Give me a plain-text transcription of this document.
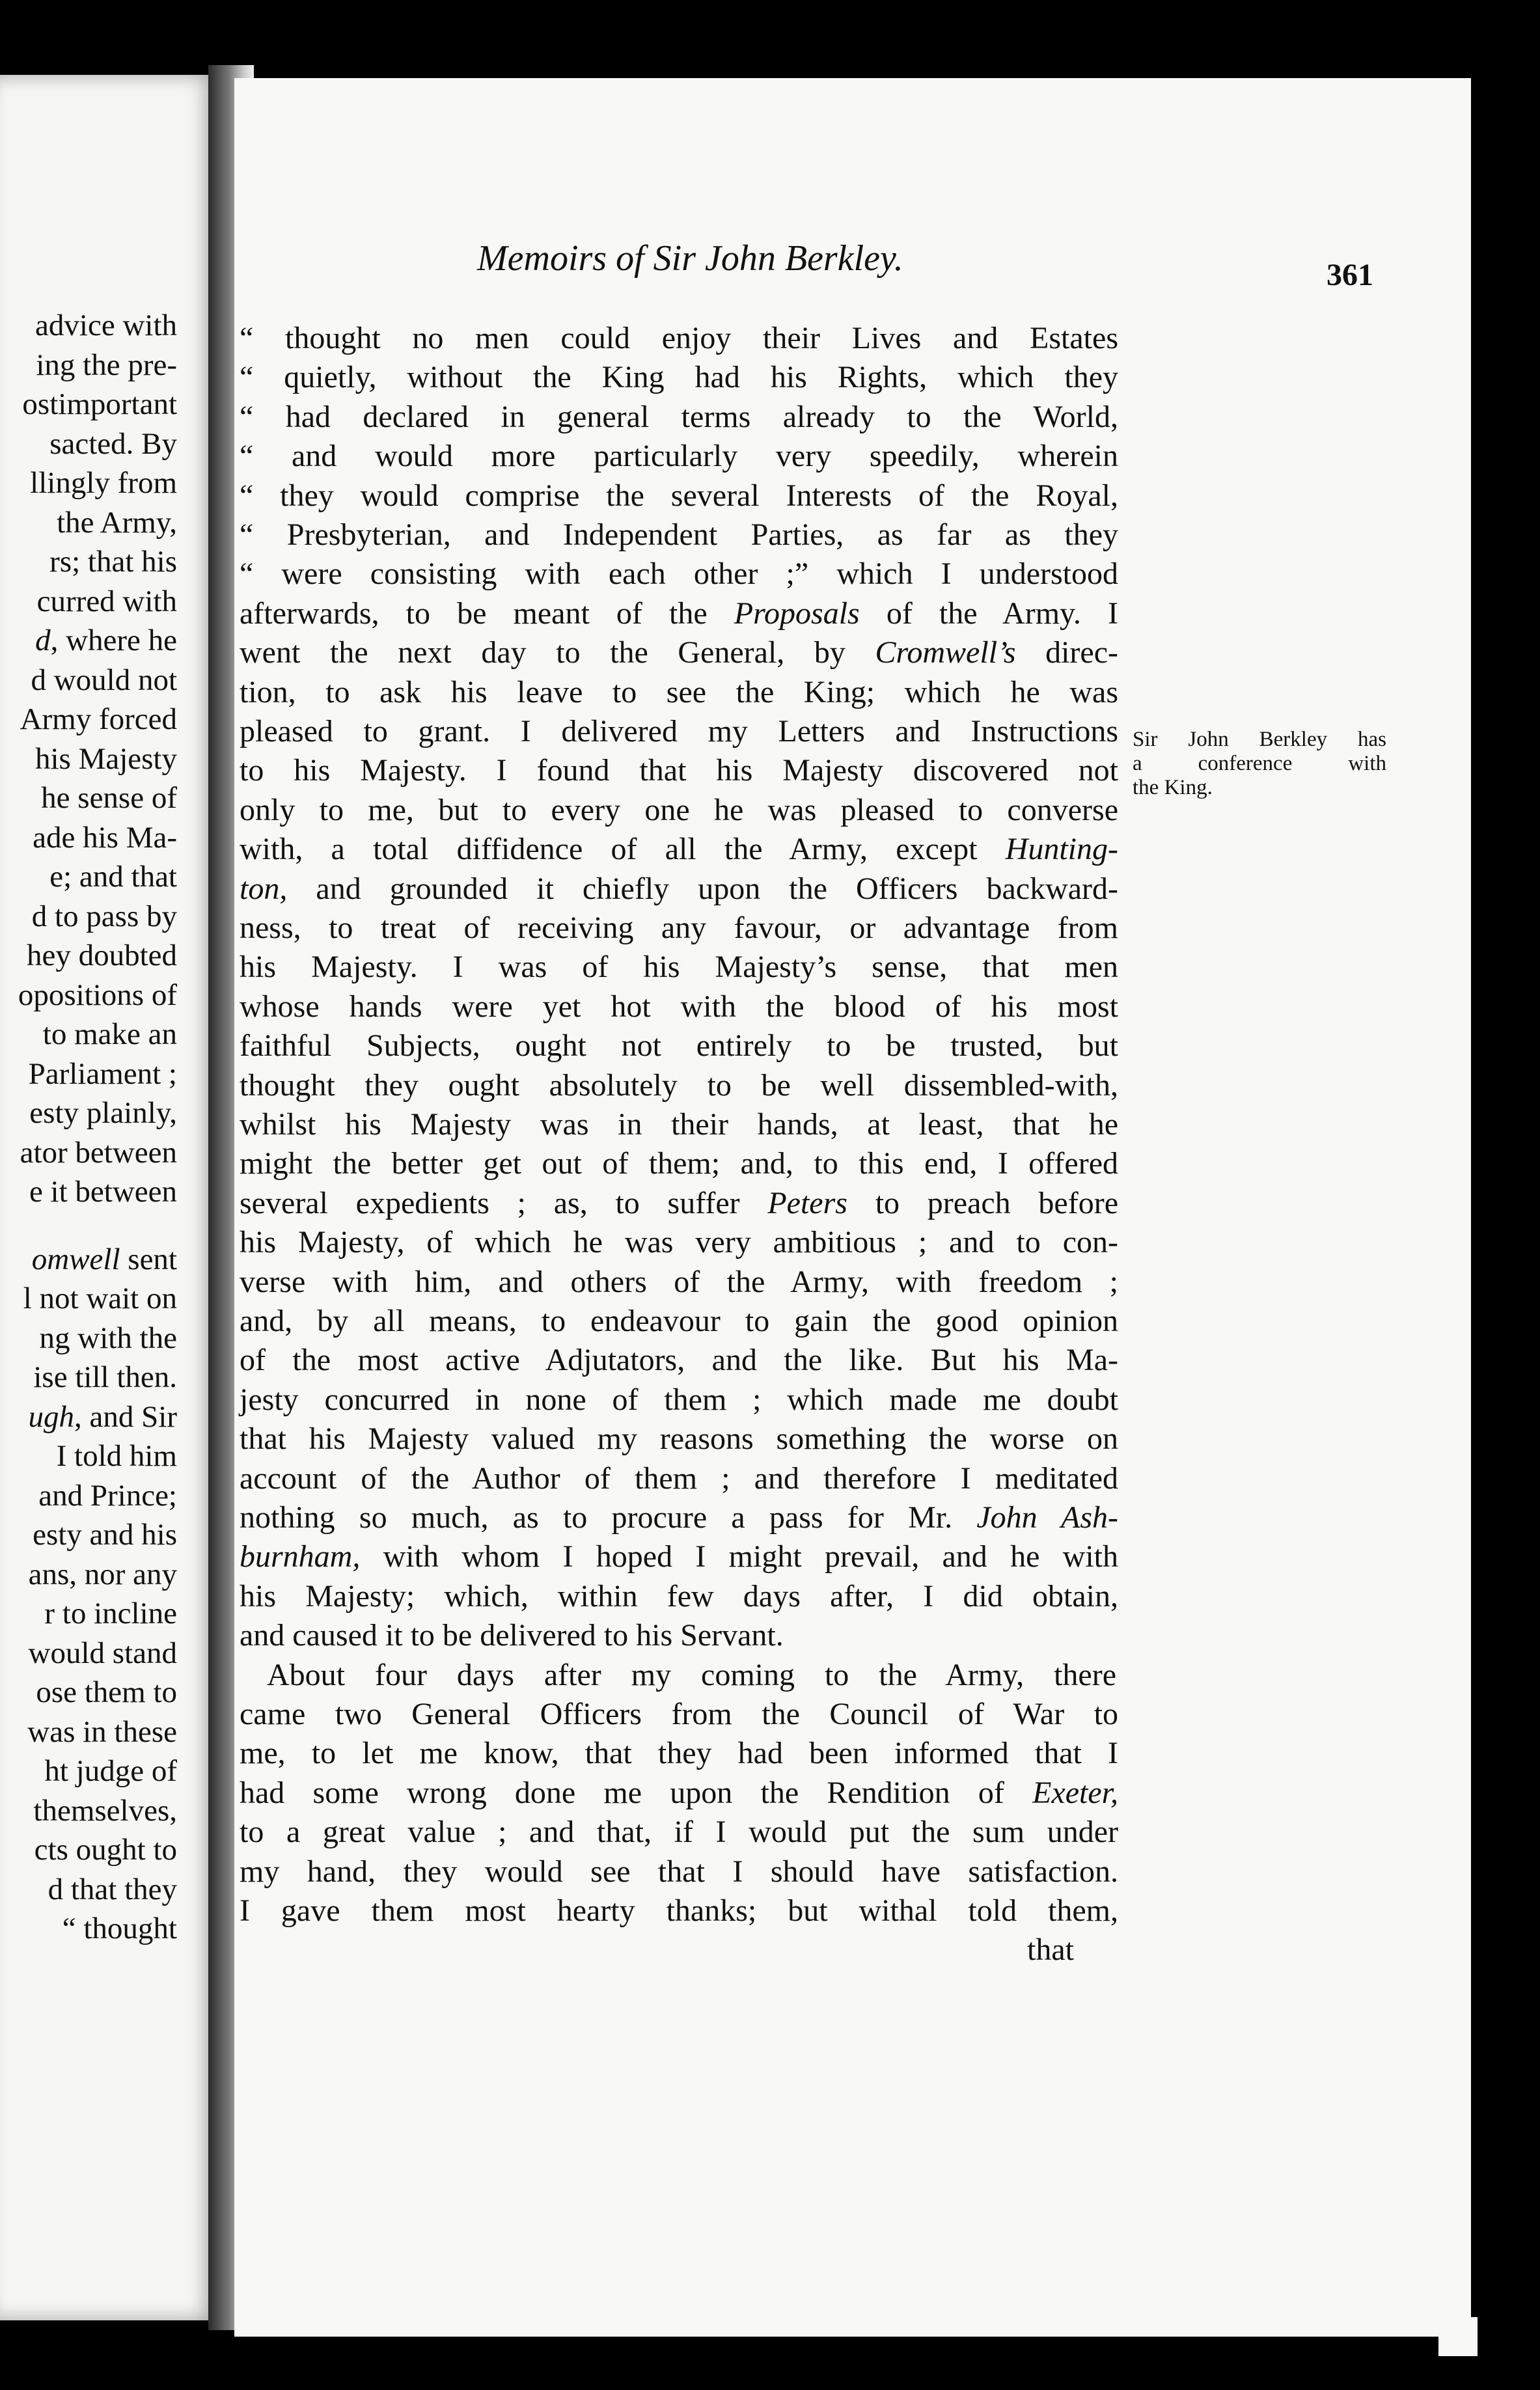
advice with
ing the pre-
ostimportant
sacted. By
llingly from
the Army,
rs; that his
curred with
d, where he
d would not
Army forced
his Majesty
he sense of
ade his Ma-
e; and that
d to pass by
hey doubted
opositions of
to make an
Parliament ;
esty plainly,
ator between
e it between
omwell sent
l not wait on
ng with the
ise till then.
ugh, and Sir
I told him
and Prince;
esty and his
ans, nor any
r to incline
would stand
ose them to
was in these
ht judge of
themselves,
cts ought to
d that they
“ thought
Memoirs of Sir John Berkley.	361
“ thought no men could enjoy their Lives and Estates
“ quietly, without the King had his Rights, which they
“ had declared in general terms already to the World,
“ and would more particularly very speedily, wherein
“ they would comprise the several Interests of the Royal,
“ Presbyterian, and Independent Parties, as far as they
“ were consisting with each other ;” which I understood
afterwards, to be meant of the Proposals of the Army. I
went the next day to the General, by Cromwell’s direc-
tion, to ask his leave to see the King; which he was
pleased to grant. I delivered my Letters and Instructions
to his Majesty. I found that his Majesty discovered not
only to me, but to every one he was pleased to converse
with, a total diffidence of all the Army, except Hunting-
ton, and grounded it chiefly upon the Officers backward-
ness, to treat of receiving any favour, or advantage from
his Majesty. I was of his Majesty’s sense, that men
whose hands were yet hot with the blood of his most
faithful Subjects, ought not entirely to be trusted, but
thought they ought absolutely to be well dissembled-with,
whilst his Majesty was in their hands, at least, that he
might the better get out of them; and, to this end, I offered
several expedients ; as, to suffer Peters to preach before
his Majesty, of which he was very ambitious ; and to con-
verse with him, and others of the Army, with freedom ;
and, by all means, to endeavour to gain the good opinion
of the most active Adjutators, and the like. But his Ma-
jesty concurred in none of them ; which made me doubt
that his Majesty valued my reasons something the worse on
account of the Author of them ; and therefore I meditated
nothing so much, as to procure a pass for Mr. John Ash-
burnham, with whom I hoped I might prevail, and he with
his Majesty; which, within few days after, I did obtain,
and caused it to be delivered to his Servant.
About four days after my coming to the Army, there
came two General Officers from the Council of War to
me, to let me know, that they had been informed that I
had some wrong done me upon the Rendition of Exeter,
to a great value ; and that, if I would put the sum under
my hand, they would see that I should have satisfaction.
I gave them most hearty thanks; but withal told them,
that
Sir John Berkley has
a conference with
the King.
